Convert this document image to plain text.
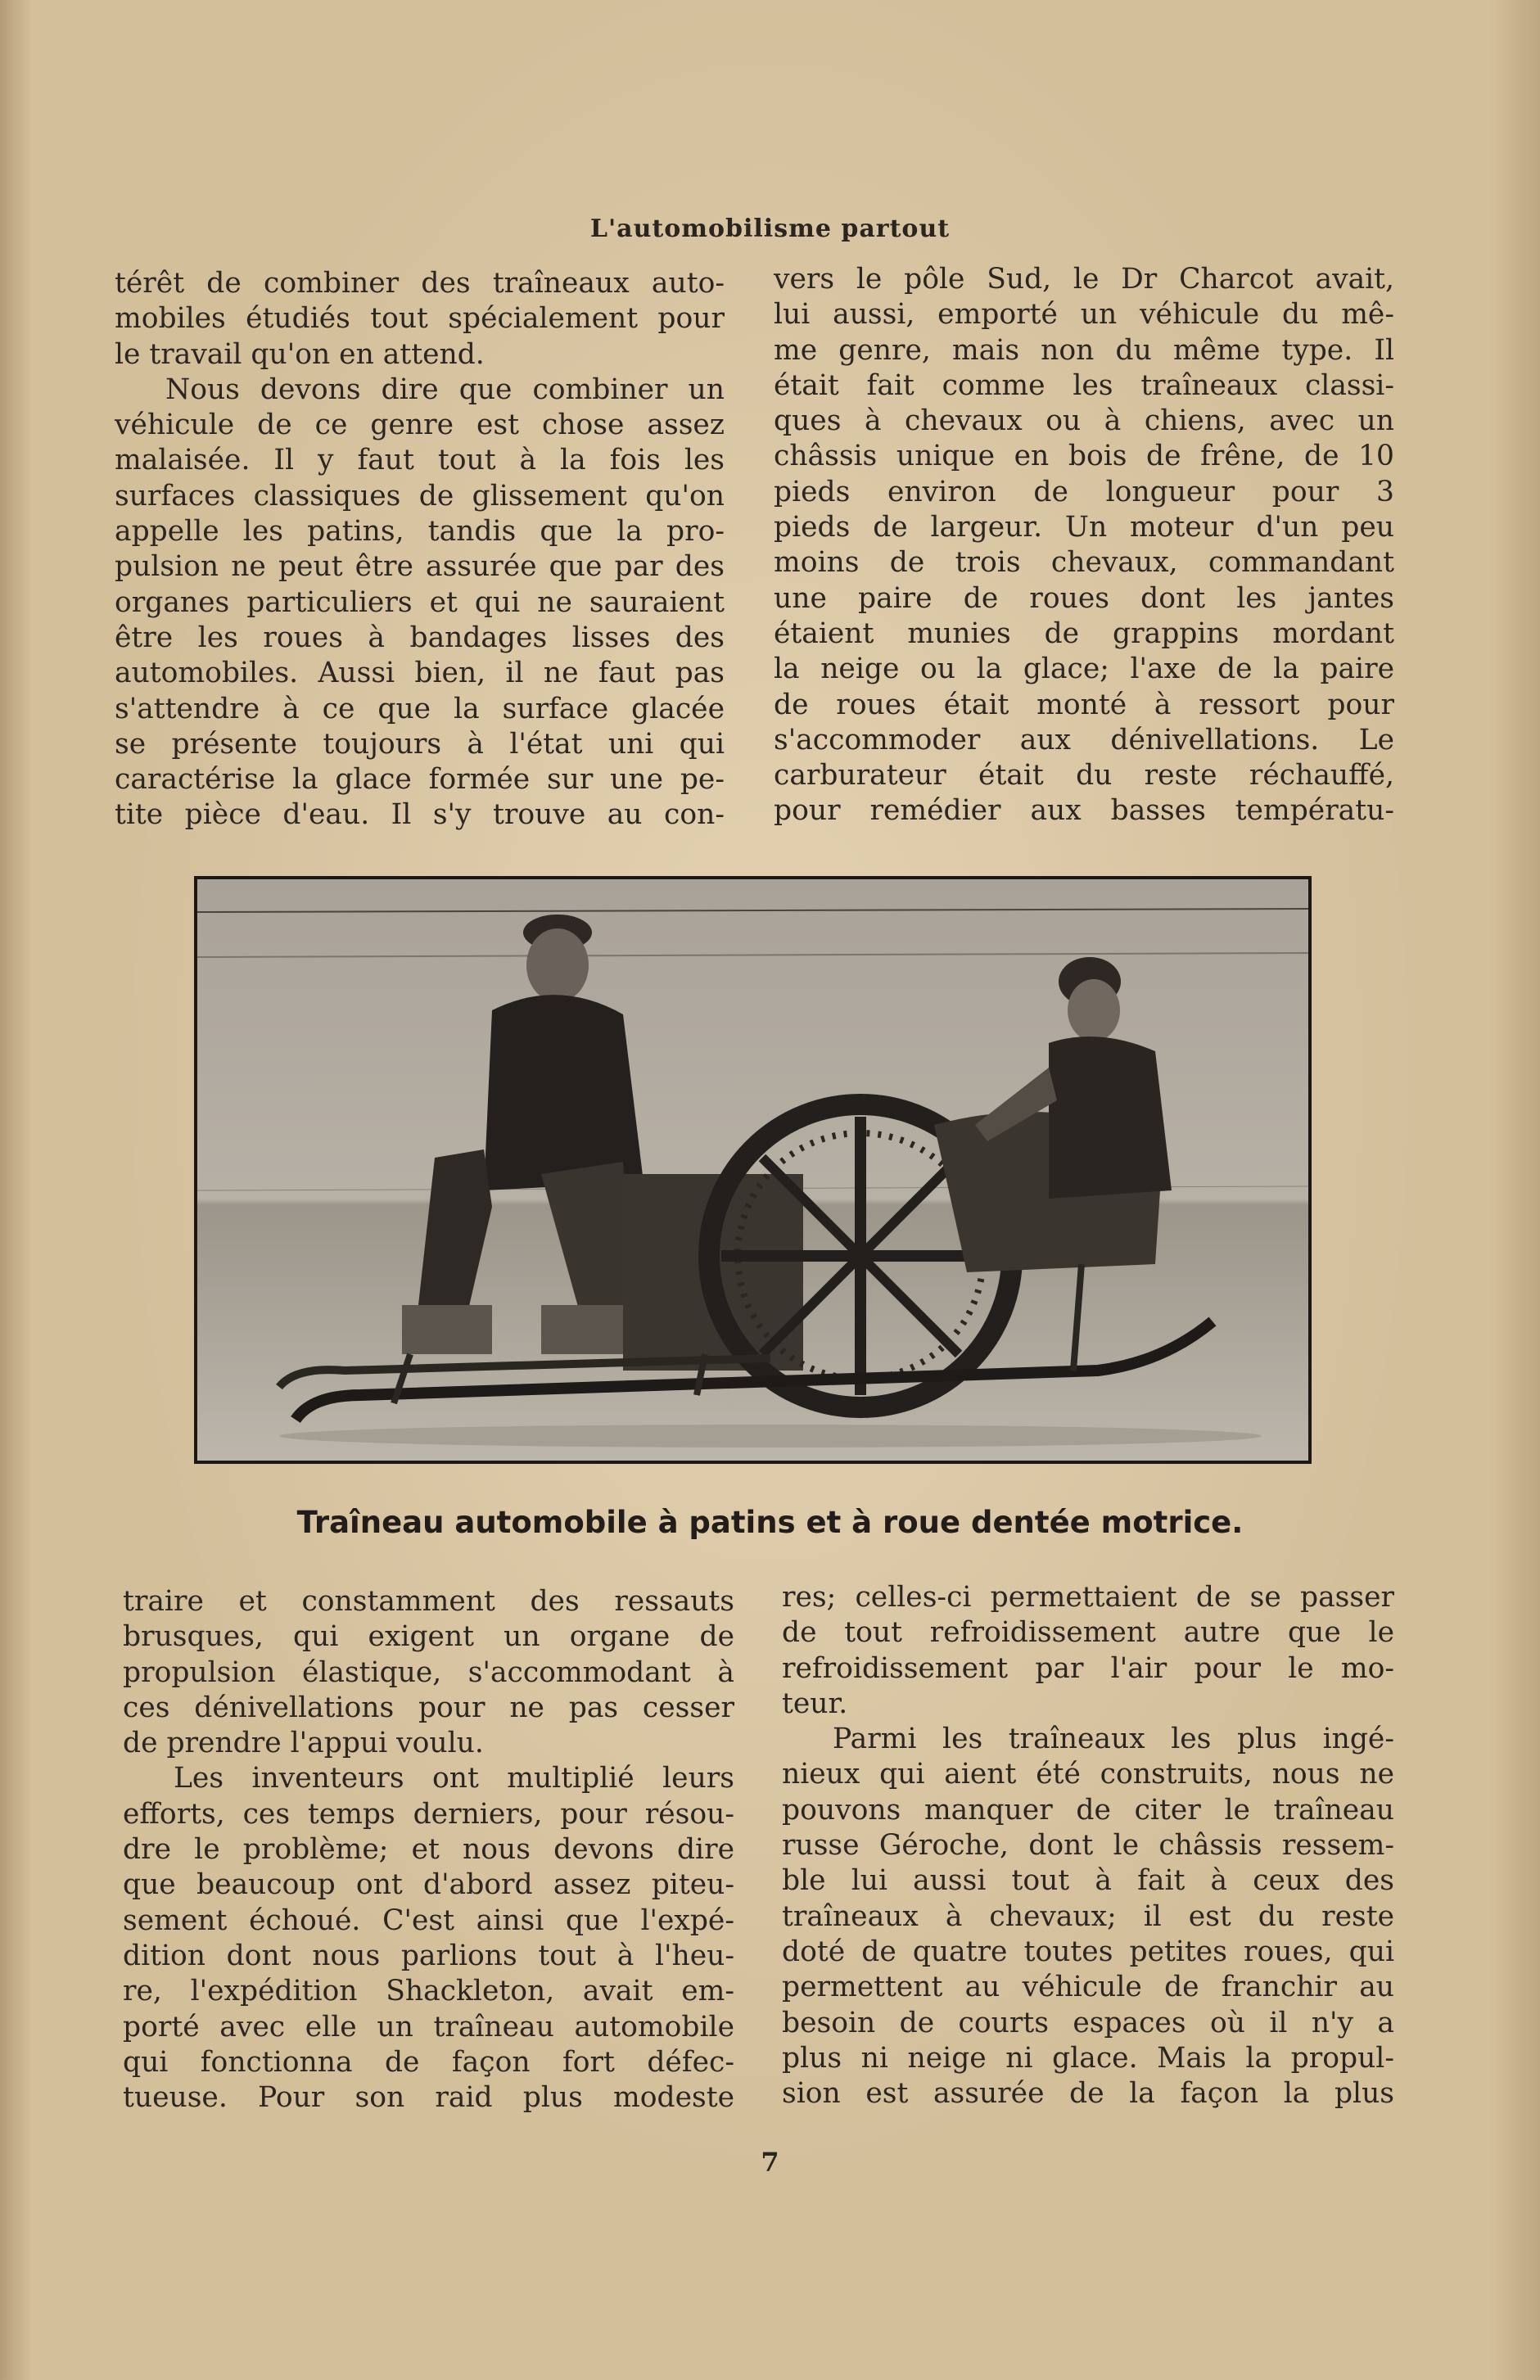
L'automobilisme partout
térêt de combiner des traîneaux auto-
mobiles étudiés tout spécialement pour
le travail qu'on en attend.
Nous devons dire que combiner un
véhicule de ce genre est chose assez
malaisée. Il y faut tout à la fois les
surfaces classiques de glissement qu'on
appelle les patins, tandis que la pro-
pulsion ne peut être assurée que par des
organes particuliers et qui ne sauraient
être les roues à bandages lisses des
automobiles. Aussi bien, il ne faut pas
s'attendre à ce que la surface glacée
se présente toujours à l'état uni qui
caractérise la glace formée sur une pe-
tite pièce d'eau. Il s'y trouve au con-
vers le pôle Sud, le Dr Charcot avait,
lui aussi, emporté un véhicule du mê-
me genre, mais non du même type. Il
était fait comme les traîneaux classi-
ques à chevaux ou à chiens, avec un
châssis unique en bois de frêne, de 10
pieds environ de longueur pour 3
pieds de largeur. Un moteur d'un peu
moins de trois chevaux, commandant
une paire de roues dont les jantes
étaient munies de grappins mordant
la neige ou la glace; l'axe de la paire
de roues était monté à ressort pour
s'accommoder aux dénivellations. Le
carburateur était du reste réchauffé,
pour remédier aux basses températu-
Traîneau automobile à patins et à roue dentée motrice.
traire et constamment des ressauts
brusques, qui exigent un organe de
propulsion élastique, s'accommodant à
ces dénivellations pour ne pas cesser
de prendre l'appui voulu.
Les inventeurs ont multiplié leurs
efforts, ces temps derniers, pour résou-
dre le problème; et nous devons dire
que beaucoup ont d'abord assez piteu-
sement échoué. C'est ainsi que l'expé-
dition dont nous parlions tout à l'heu-
re, l'expédition Shackleton, avait em-
porté avec elle un traîneau automobile
qui fonctionna de façon fort défec-
tueuse. Pour son raid plus modeste
res; celles-ci permettaient de se passer
de tout refroidissement autre que le
refroidissement par l'air pour le mo-
teur.
Parmi les traîneaux les plus ingé-
nieux qui aient été construits, nous ne
pouvons manquer de citer le traîneau
russe Géroche, dont le châssis ressem-
ble lui aussi tout à fait à ceux des
traîneaux à chevaux; il est du reste
doté de quatre toutes petites roues, qui
permettent au véhicule de franchir au
besoin de courts espaces où il n'y a
plus ni neige ni glace. Mais la propul-
sion est assurée de la façon la plus
7
